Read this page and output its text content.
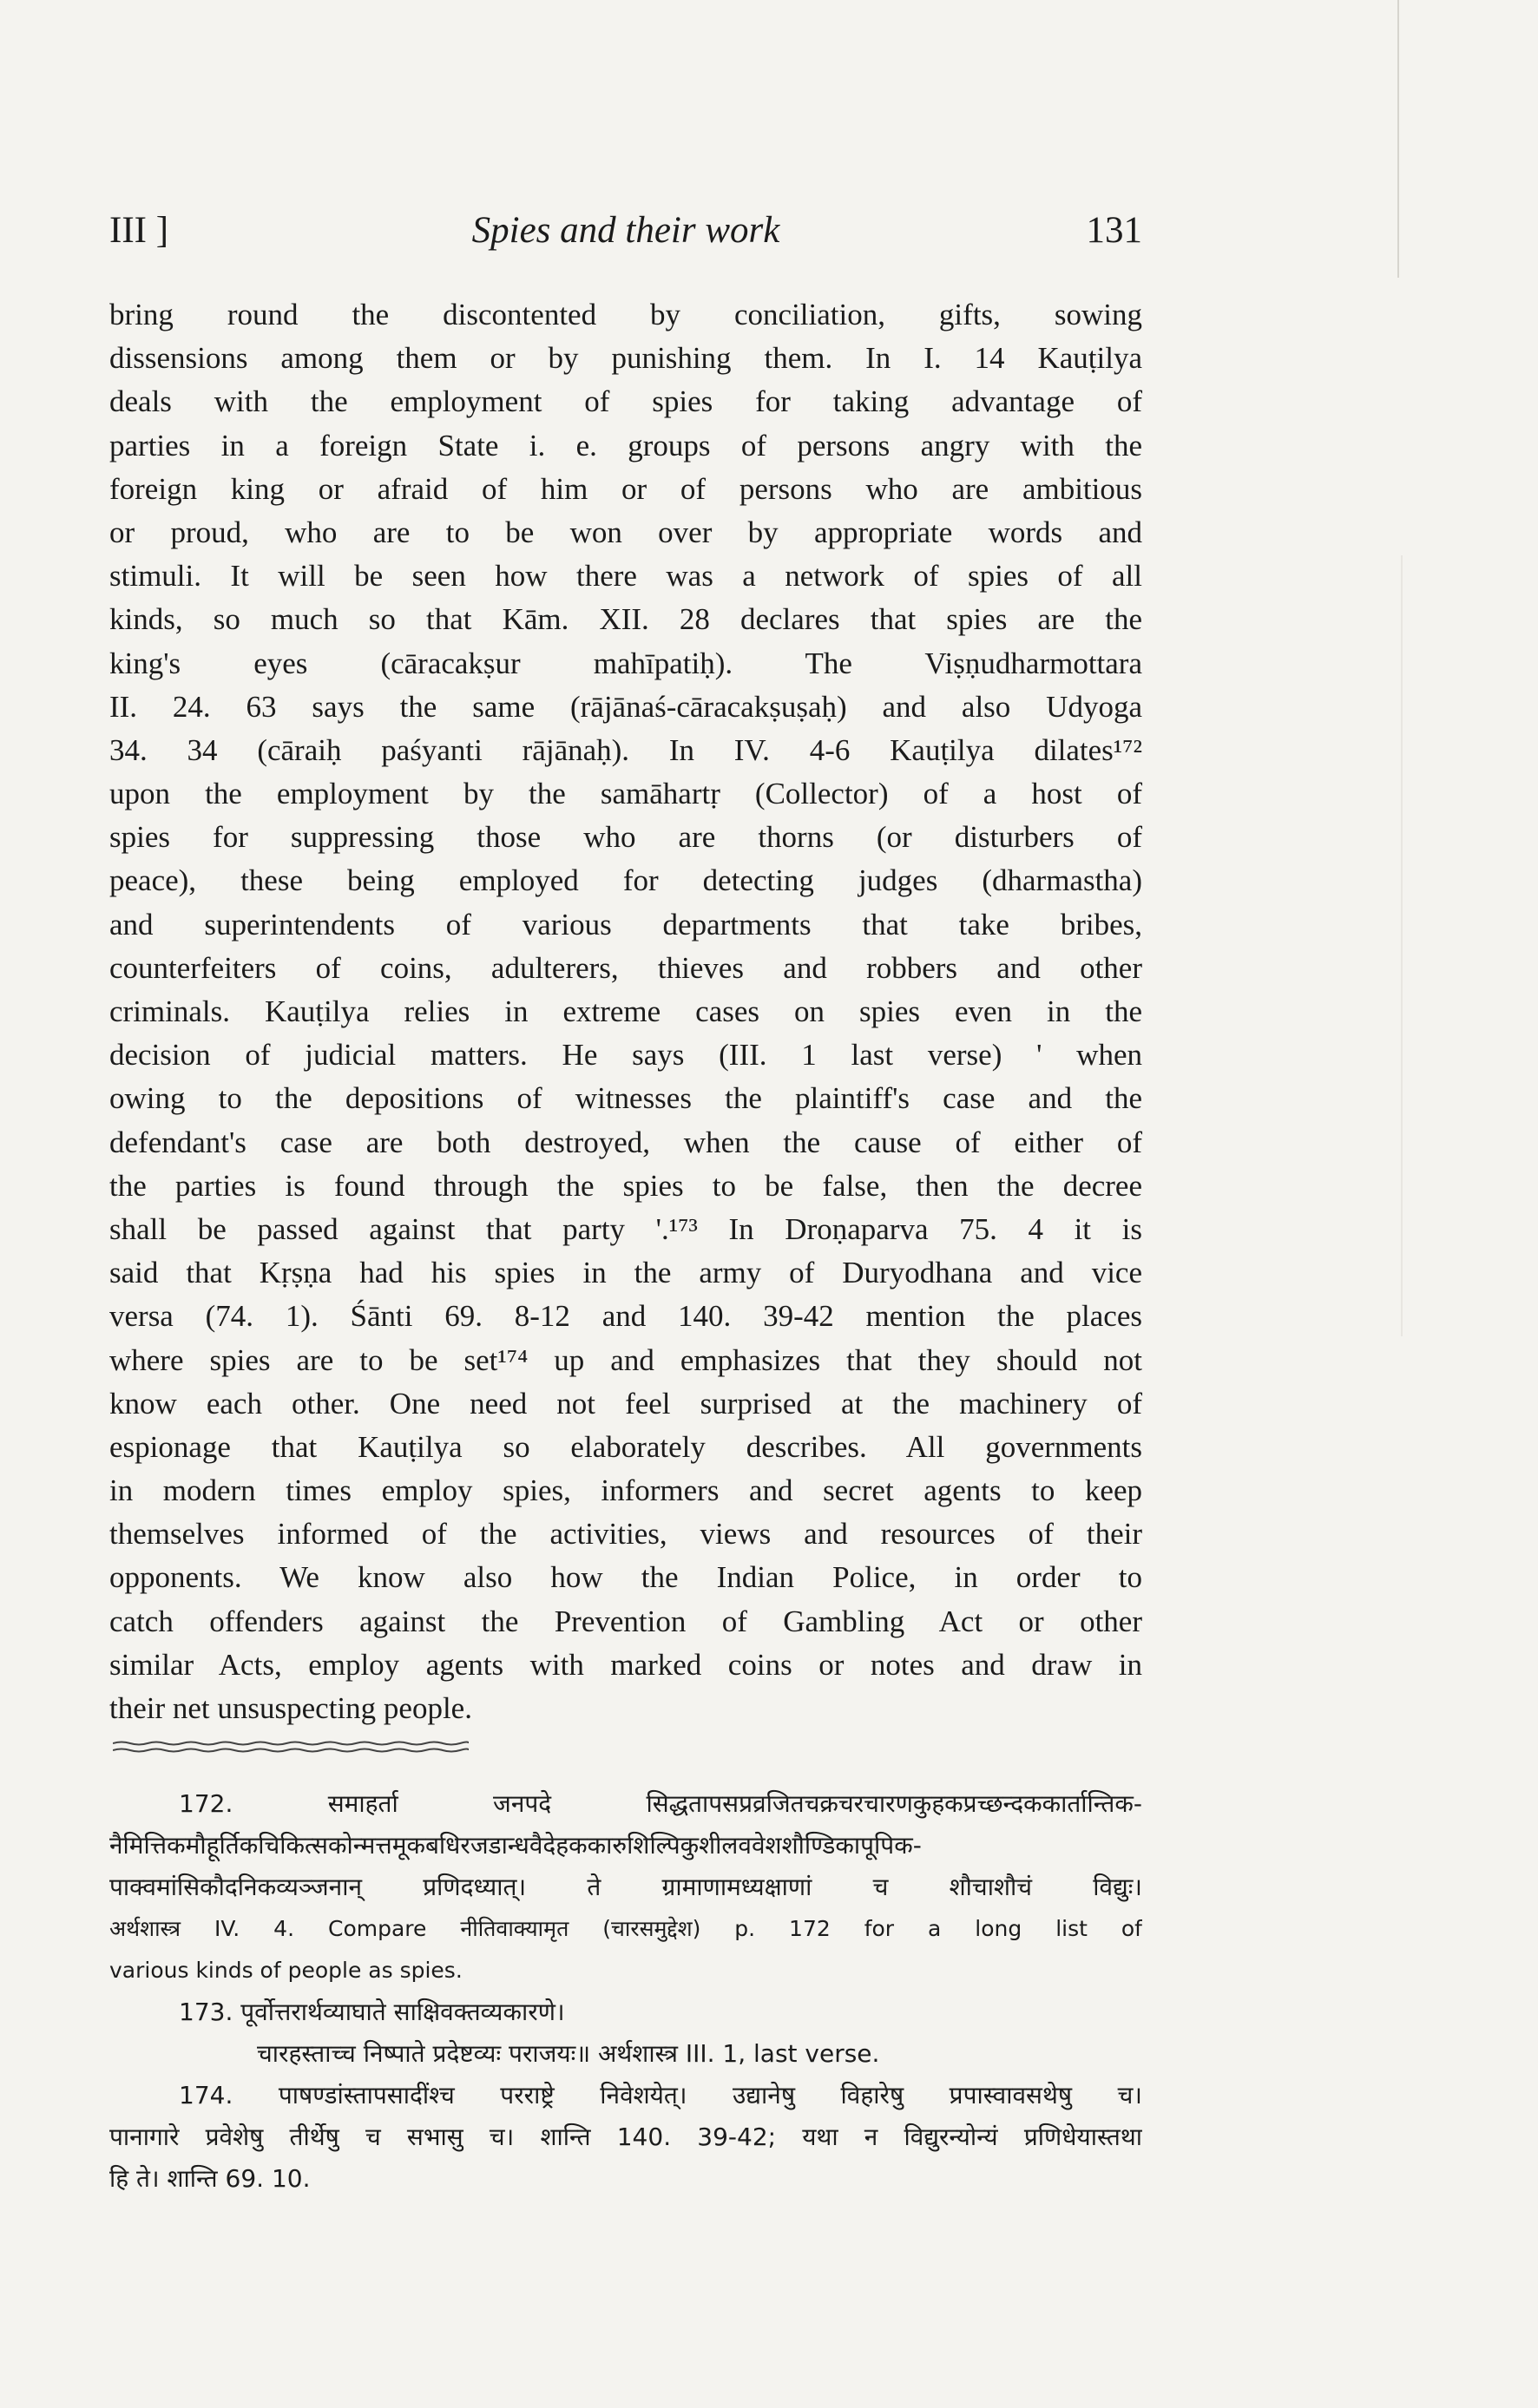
III ]	Spies and their work	131
bring round the discontented by conciliation, gifts, sowing
dissensions among them or by punishing them. In I. 14 Kauṭilya
deals with the employment of spies for taking advantage of
parties in a foreign State i. e. groups of persons angry with the
foreign king or afraid of him or of persons who are ambitious
or proud, who are to be won over by appropriate words and
stimuli. It will be seen how there was a network of spies of all
kinds, so much so that Kām. XII. 28 declares that spies are the
king's eyes (cāracakṣur mahīpatiḥ). The Viṣṇudharmottara
II. 24. 63 says the same (rājānaś-cāracakṣuṣaḥ) and also Udyoga
34. 34 (cāraiḥ paśyanti rājānaḥ). In IV. 4-6 Kauṭilya dilates¹⁷²
upon the employment by the samāhartṛ (Collector) of a host of
spies for suppressing those who are thorns (or disturbers of
peace), these being employed for detecting judges (dharmastha)
and superintendents of various departments that take bribes,
counterfeiters of coins, adulterers, thieves and robbers and other
criminals. Kauṭilya relies in extreme cases on spies even in the
decision of judicial matters. He says (III. 1 last verse) ' when
owing to the depositions of witnesses the plaintiff's case and the
defendant's case are both destroyed, when the cause of either of
the parties is found through the spies to be false, then the decree
shall be passed against that party '.¹⁷³ In Droṇaparva 75. 4 it is
said that Kṛṣṇa had his spies in the army of Duryodhana and vice
versa (74. 1). Śānti 69. 8-12 and 140. 39-42 mention the places
where spies are to be set¹⁷⁴ up and emphasizes that they should not
know each other. One need not feel surprised at the machinery of
espionage that Kauṭilya so elaborately describes. All governments
in modern times employ spies, informers and secret agents to keep
themselves informed of the activities, views and resources of their
opponents. We know also how the Indian Police, in order to
catch offenders against the Prevention of Gambling Act or other
similar Acts, employ agents with marked coins or notes and draw in
their net unsuspecting people.
172. समाहर्ता जनपदे सिद्धतापसप्रव्रजितचक्रचरचारणकुहकप्रच्छन्दककार्तान्तिक-
नैमित्तिकमौहूर्तिकचिकित्सकोन्मत्तमूकबधिरजडान्धवैदेहककारुशिल्पिकुशीलववेशशौण्डिकापूपिक-
पाक्वमांसिकौदनिकव्यञ्जनान् प्रणिदध्यात्। ते ग्रामाणामध्यक्षाणां च शौचाशौचं विद्युः।
अर्थशास्त्र IV. 4. Compare नीतिवाक्यामृत (चारसमुद्देश) p. 172 for a long list of
various kinds of people as spies.
173. पूर्वोत्तरार्थव्याघाते साक्षिवक्तव्यकारणे।
चारहस्ताच्च निष्पाते प्रदेष्टव्यः पराजयः॥ अर्थशास्त्र III. 1, last verse.
174. पाषण्डांस्तापसादींश्च परराष्ट्रे निवेशयेत्। उद्यानेषु विहारेषु प्रपास्वावसथेषु च।
पानागारे प्रवेशेषु तीर्थेषु च सभासु च। शान्ति 140. 39-42; यथा न विद्युरन्योन्यं प्रणिधेयास्तथा
हि ते। शान्ति 69. 10.
